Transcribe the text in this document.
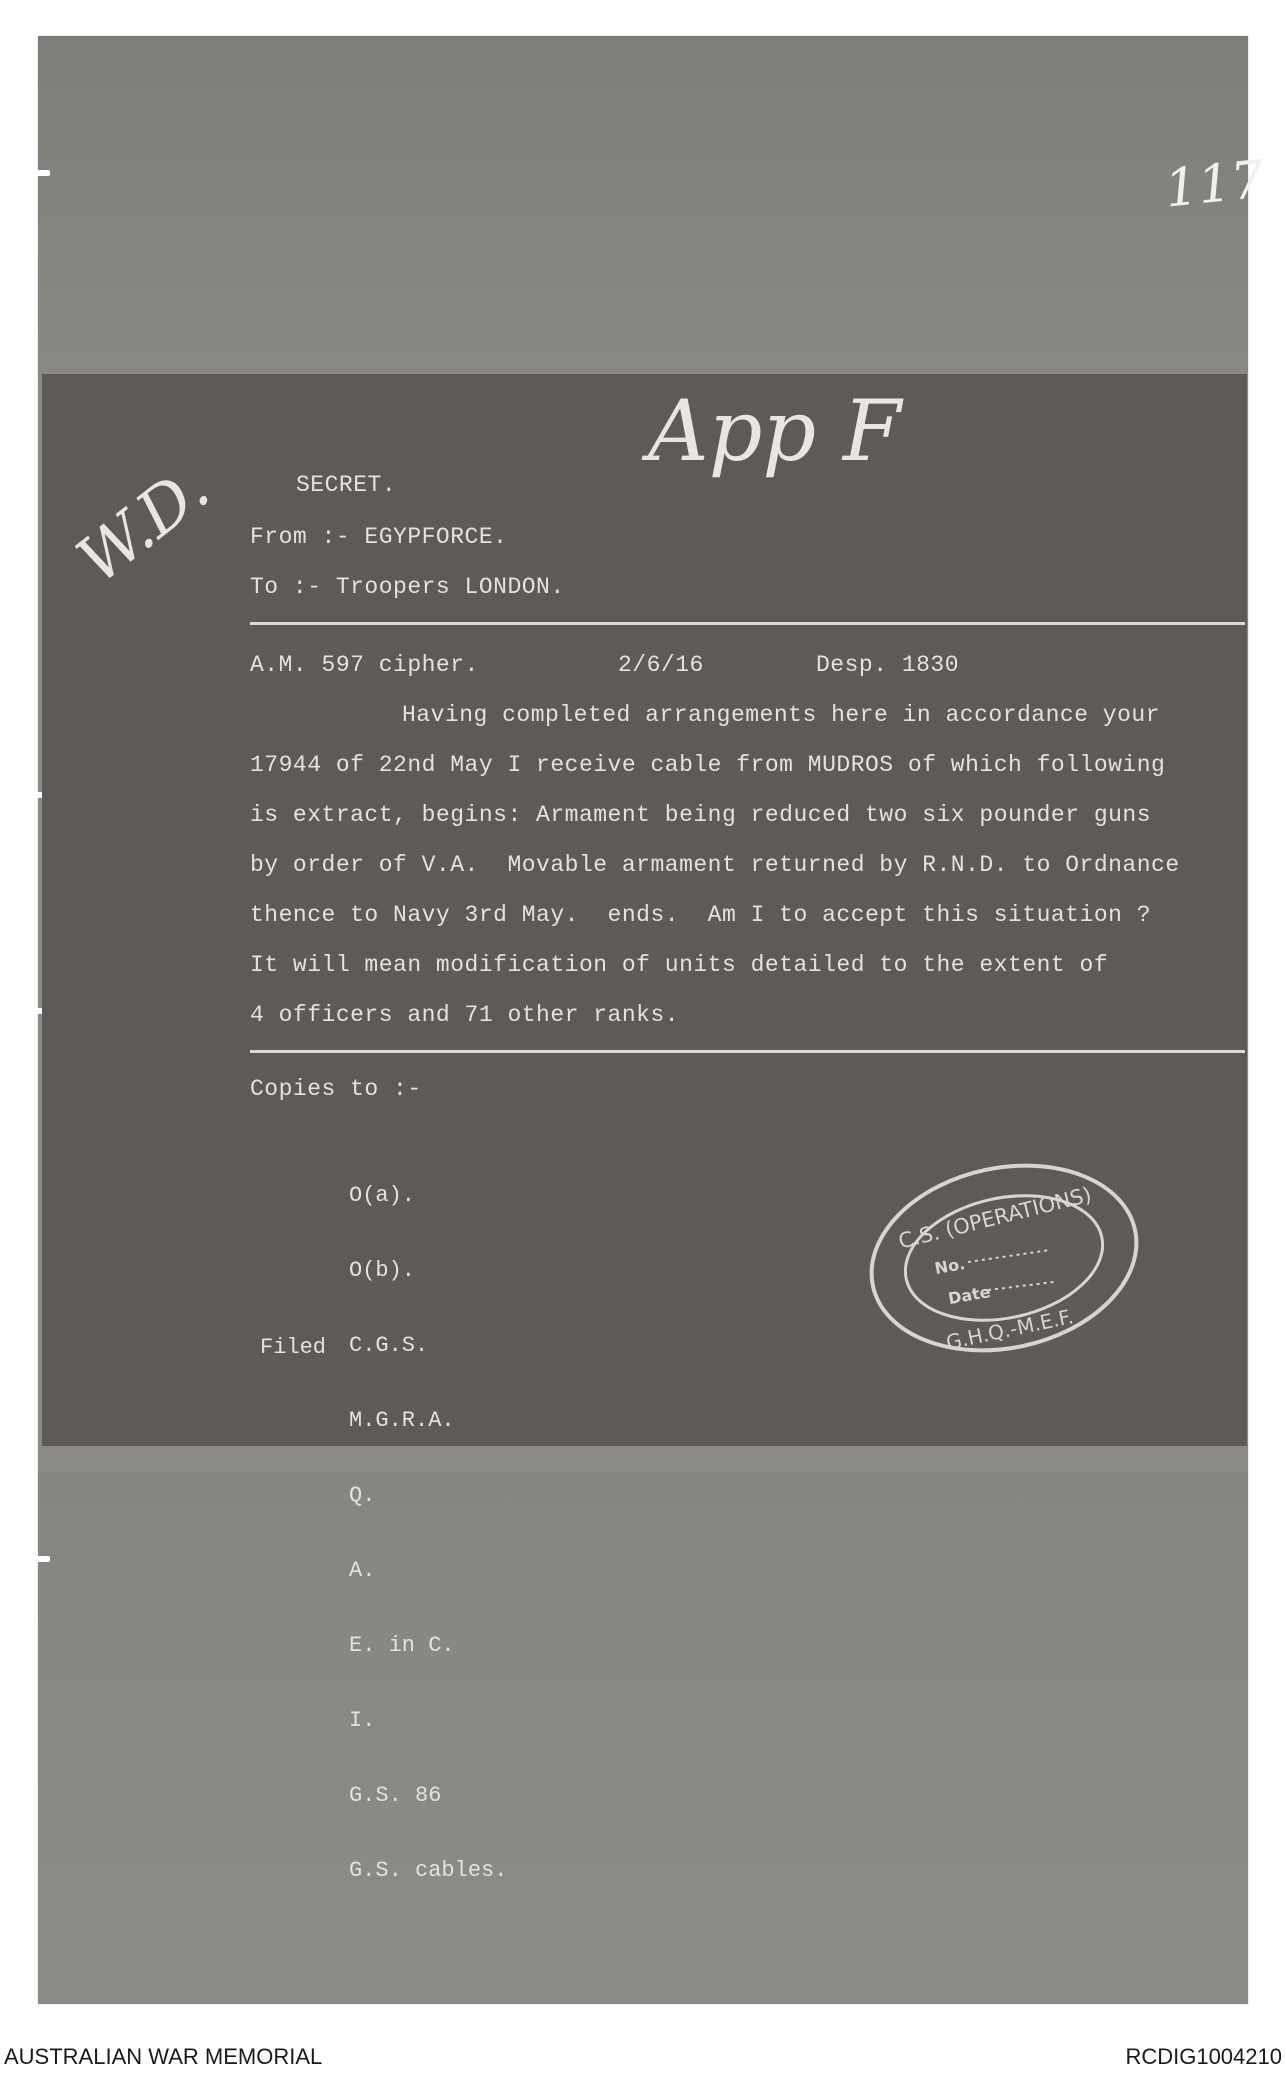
117
App F
W.D.	SECRET.
From :- EGYPFORCE.
To :- Troopers LONDON.
A.M. 597 cipher.	2/6/16	Desp. 1830
Having completed arrangements here in accordance your
17944 of 22nd May I receive cable from MUDROS of which following
is extract, begins: Armament being reduced two six pounder guns
by order of V.A.  Movable armament returned by R.N.D. to Ordnance
thence to Navy 3rd May.  ends.  Am I to accept this situation ?
It will mean modification of units detailed to the extent of
4 officers and 71 other ranks.
Copies to :-

O(a).

O(b).

C.G.S.

M.G.R.A.

Q.

A.

E. in C.

I.

G.S. 86

G.S. cables.

Filed
C.S. (OPERATIONS)
No.
Date
G.H.Q.-M.E.F.
AUSTRALIAN WAR MEMORIAL	RCDIG1004210
